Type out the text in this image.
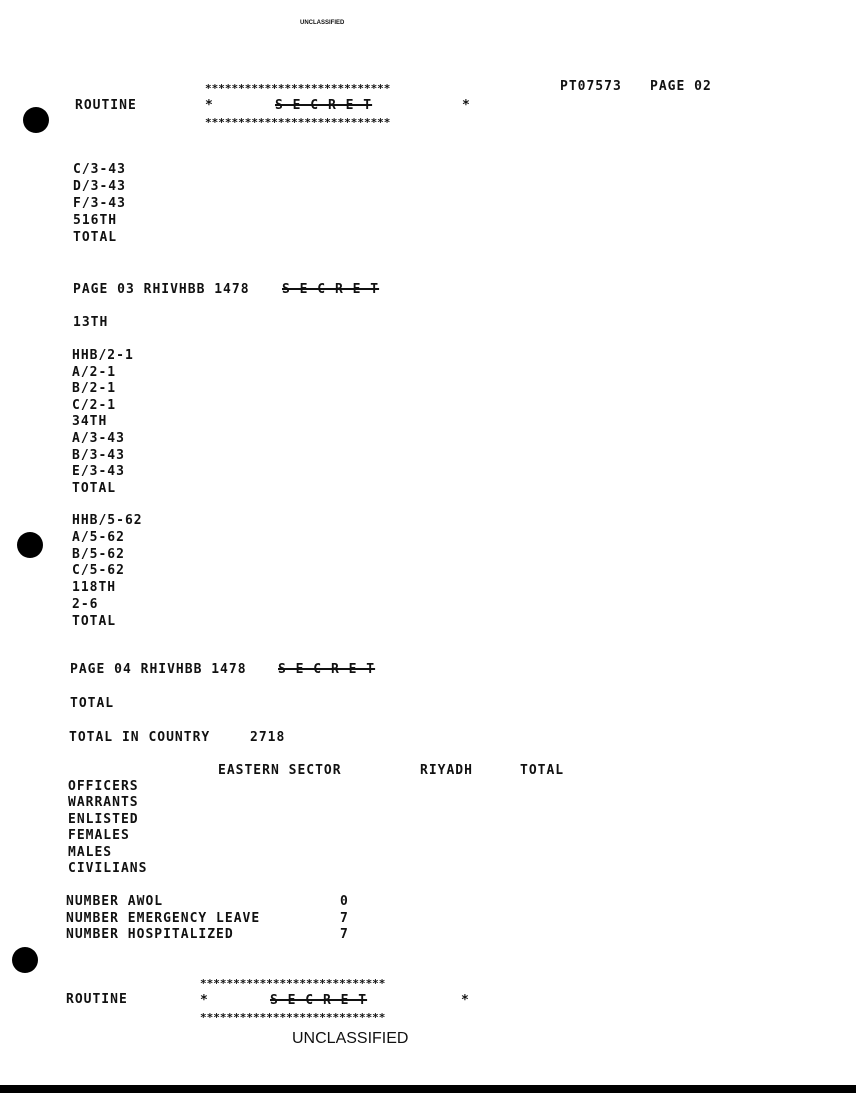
UNCLASSIFIED
****************************
ROUTINE	*	S E C R E T	*
****************************
PT07573 PAGE 02
C/3-43
D/3-43
F/3-43
516TH
TOTAL
PAGE 03 RHIVHBB 1478 S E C R E T
13TH
HHB/2-1
A/2-1
B/2-1
C/2-1
34TH
A/3-43
B/3-43
E/3-43
TOTAL
HHB/5-62
A/5-62
B/5-62
C/5-62
118TH
2-6
TOTAL
PAGE 04 RHIVHBB 1478 S E C R E T
TOTAL
TOTAL IN COUNTRY	2718
EASTERN SECTOR	RIYADH	TOTAL
OFFICERS
WARRANTS
ENLISTED
FEMALES
MALES
CIVILIANS
NUMBER AWOL	0
NUMBER EMERGENCY LEAVE	7
NUMBER HOSPITALIZED	7
****************************
ROUTINE	*	S E C R E T	*
****************************
UNCLASSIFIED
